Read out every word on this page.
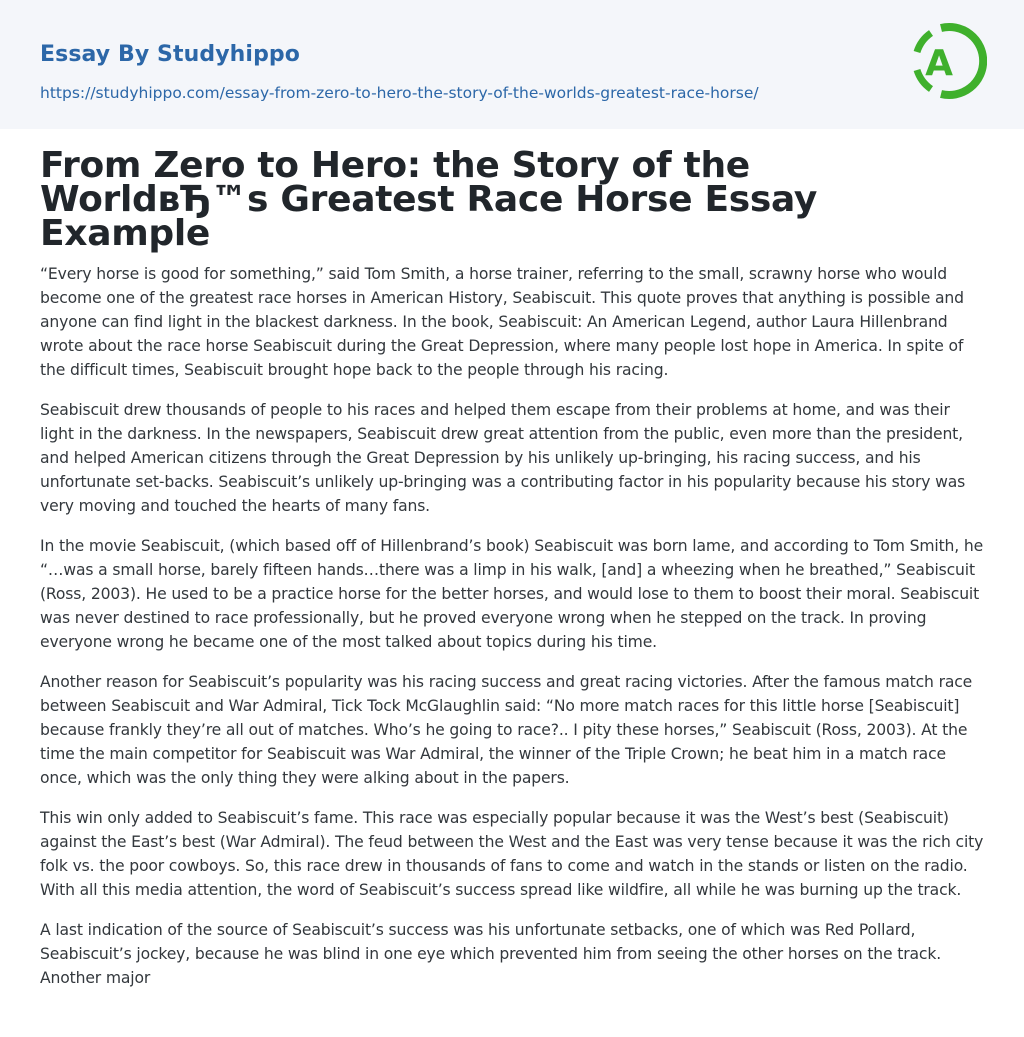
Essay By Studyhippo
https://studyhippo.com/essay-from-zero-to-hero-the-story-of-the-worlds-greatest-race-horse/
A
From Zero to Hero: the Story of the WorldвЂ™s Greatest Race Horse Essay Example

“Every horse is good for something,” said Tom Smith, a horse trainer, referring to the small, scrawny horse who would become one of the greatest race horses in American History, Seabiscuit. This quote proves that anything is possible and anyone can find light in the blackest darkness. In the book, Seabiscuit: An American Legend, author Laura Hillenbrand wrote about the race horse Seabiscuit during the Great Depression, where many people lost hope in America. In spite of the difficult times, Seabiscuit brought hope back to the people through his racing.

Seabiscuit drew thousands of people to his races and helped them escape from their problems at home, and was their light in the darkness. In the newspapers, Seabiscuit drew great attention from the public, even more than the president, and helped American citizens through the Great Depression by his unlikely up-bringing, his racing success, and his unfortunate set-backs. Seabiscuit’s unlikely up-bringing was a contributing factor in his popularity because his story was very moving and touched the hearts of many fans.

In the movie Seabiscuit, (which based off of Hillenbrand’s book) Seabiscuit was born lame, and according to Tom Smith, he “…was a small horse, barely fifteen hands…there was a limp in his walk, [and] a wheezing when he breathed,” Seabiscuit (Ross, 2003). He used to be a practice horse for the better horses, and would lose to them to boost their moral. Seabiscuit was never destined to race professionally, but he proved everyone wrong when he stepped on the track. In proving everyone wrong he became one of the most talked about topics during his time.

Another reason for Seabiscuit’s popularity was his racing success and great racing victories. After the famous match race between Seabiscuit and War Admiral, Tick Tock McGlaughlin said: “No more match races for this little horse [Seabiscuit] because frankly they’re all out of matches. Who’s he going to race?.. I pity these horses,” Seabiscuit (Ross, 2003). At the time the main competitor for Seabiscuit was War Admiral, the winner of the Triple Crown; he beat him in a match race once, which was the only thing they were alking about in the papers.

This win only added to Seabiscuit’s fame. This race was especially popular because it was the West’s best (Seabiscuit) against the East’s best (War Admiral). The feud between the West and the East was very tense because it was the rich city folk vs. the poor cowboys. So, this race drew in thousands of fans to come and watch in the stands or listen on the radio. With all this media attention, the word of Seabiscuit’s success spread like wildfire, all while he was burning up the track.

A last indication of the source of Seabiscuit’s success was his unfortunate setbacks, one of which was Red Pollard, Seabiscuit’s jockey, because he was blind in one eye which prevented him from seeing the other horses on the track. Another major
